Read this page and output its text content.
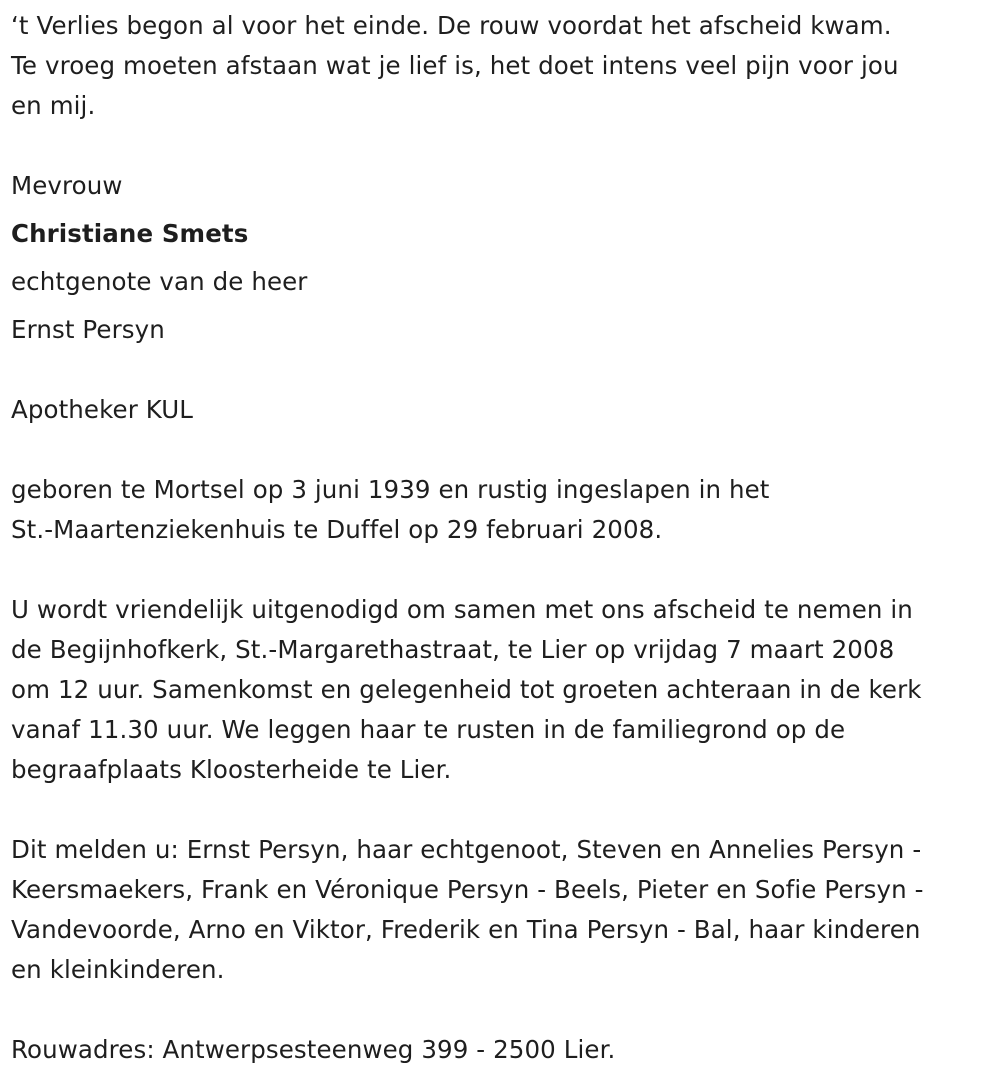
‘t Verlies begon al voor het einde. De rouw voordat het afscheid kwam.
Te vroeg moeten afstaan wat je lief is, het doet intens veel pijn voor jou
en mij.

Mevrouw
Christiane Smets
echtgenote van de heer
Ernst Persyn

Apotheker KUL

geboren te Mortsel op 3 juni 1939 en rustig ingeslapen in het
St.-Maartenziekenhuis te Duffel op 29 februari 2008.

U wordt vriendelijk uitgenodigd om samen met ons afscheid te nemen in
de Begijnhofkerk, St.-Margarethastraat, te Lier op vrijdag 7 maart 2008
om 12 uur. Samenkomst en gelegenheid tot groeten achteraan in de kerk
vanaf 11.30 uur. We leggen haar te rusten in de familiegrond op de
begraafplaats Kloosterheide te Lier.

Dit melden u: Ernst Persyn, haar echtgenoot, Steven en Annelies Persyn -
Keersmaekers, Frank en Véronique Persyn - Beels, Pieter en Sofie Persyn -
Vandevoorde, Arno en Viktor, Frederik en Tina Persyn - Bal, haar kinderen
en kleinkinderen.

Rouwadres: Antwerpsesteenweg 399 - 2500 Lier.
